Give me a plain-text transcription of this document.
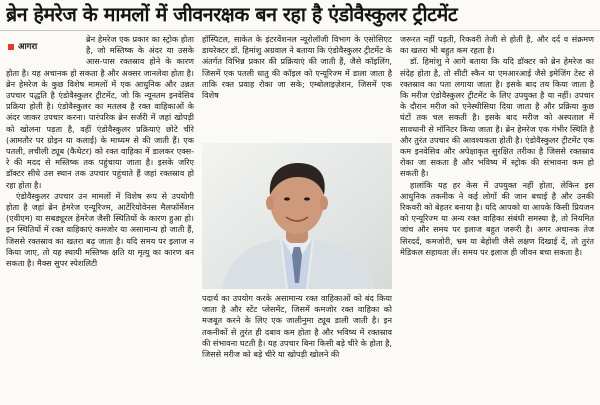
ब्रेन हेमरेज के मामलों में जीवनरक्षक बन रहा है एंडोवैस्कुलर ट्रीटमेंट
आगरा

ब्रेन हेमरेज एक प्रकार का स्ट्रोक होता है, जो मस्तिष्क के अंदर या उसके आस-पास रक्तस्राव होने के कारण होता है। यह अचानक हो सकता है और अक्सर जानलेवा होता है। ब्रेन हेमरेज के कुछ विशेष मामलों में एक आधुनिक और उन्नत उपचार पद्धति है एंडोवैस्कुलर ट्रीटमेंट, जो कि न्यूनतम इनवेसिव प्रक्रिया होती है। एंडोवैस्कुलर का मतलब है रक्त वाहिकाओं के अंदर जाकर उपचार करना। पारंपरिक ब्रेन सर्जरी में जहां खोपड़ी को खोलना पड़ता है, वहीं एंडोवैस्कुलर प्रक्रियाएं छोटे चीरे (आमतौर पर ग्रोइन या कलाई) के माध्यम से की जाती हैं। एक पतली, लचीली ट्यूब (कैथेटर) को रक्त वाहिका में डालकर एक्स-रे की मदद से मस्तिष्क तक पहुंचाया जाता है। इसके जरिए डॉक्टर सीधे उस स्थान तक उपचार पहुंचाते हैं जहां रक्तस्राव हो रहा होता है।

एंडोवैस्कुलर उपचार उन मामलों में विशेष रूप से उपयोगी होता है जहां ब्रेन हेमरेज एन्यूरिज्म, आर्टेरियोवेनस मैलफॉर्मेशन (एवीएम) या सबड्यूरल हेमरेज जैसी स्थितियों के कारण हुआ हो। इन स्थितियों में रक्त वाहिकाएं कमजोर या असामान्य हो जाती हैं, जिससे रक्तस्राव का खतरा बढ़ जाता है। यदि समय पर इलाज न किया जाए, तो यह स्थायी मस्तिष्क क्षति या मृत्यु का कारण बन सकता है। मैक्स सुपर स्पेशलिटी

हॉस्पिटल, साकेत के इंटरवेंशनल न्यूरोलॉजी विभाग के एसोसिएट डायरेक्टर डॉ. हिमांशु अग्रवाल ने बताया कि एंडोवैस्कुलर ट्रीटमेंट के अंतर्गत विभिन्न प्रकार की प्रक्रियाएं की जाती हैं, जैसे कॉइलिंग, जिसमें एक पतली धातु की कॉइल को एन्यूरिज्म में डाला जाता है ताकि रक्त प्रवाह रोका जा सके; एम्बोलाइज़ेशन, जिसमें एक विशेष

पदार्थ का उपयोग करके असामान्य रक्त वाहिकाओं को बंद किया जाता है और स्टेंट प्लेसमेंट, जिसमें कमजोर रक्त वाहिका को मजबूत करने के लिए एक जालीनुमा ट्यूब डाली जाती है। इन तकनीकों से तुरंत ही दबाव कम होता है और भविष्य में रक्तस्राव की संभावना घटती है। यह उपचार बिना किसी बड़े चीरे के होता है, जिससे मरीज को बड़े चीरे या खोपड़ी खोलने की

जरूरत नहीं पड़ती, रिकवरी तेजी से होती है, और दर्द व संक्रमण का खतरा भी बहुत कम रहता है।

डॉ. हिमांशु ने आगे बताया कि यदि डॉक्टर को ब्रेन हेमरेज का संदेह होता है, तो सीटी स्कैन या एमआरआई जैसे इमेजिंग टेस्ट से रक्तस्राव का पता लगाया जाता है। इसके बाद तय किया जाता है कि मरीज एंडोवैस्कुलर ट्रीटमेंट के लिए उपयुक्त है या नहीं। उपचार के दौरान मरीज को एनेस्थीसिया दिया जाता है और प्रक्रिया कुछ घंटों तक चल सकती है। इसके बाद मरीज को अस्पताल में सावधानी से मॉनिटर किया जाता है। ब्रेन हेमरेज एक गंभीर स्थिति है और तुरंत उपचार की आवश्यकता होती है। एंडोवैस्कुलर ट्रीटमेंट एक कम इनवेसिव और अपेक्षाकृत सुरक्षित तरीका है जिससे रक्तस्राव रोका जा सकता है और भविष्य में स्ट्रोक की संभावना कम हो सकती है।

हालांकि यह हर केस में उपयुक्त नहीं होता, लेकिन इस आधुनिक तकनीक ने कई लोगों की जान बचाई है और उनकी रिकवरी को बेहतर बनाया है। यदि आपको या आपके किसी प्रियजन को एन्यूरिज्म या अन्य रक्त वाहिका संबंधी समस्या है, तो नियमित जांच और समय पर इलाज बहुत जरूरी है। अगर अचानक तेज सिरदर्द, कमजोरी, भ्रम या बेहोशी जैसे लक्षण दिखाई दें, तो तुरंत मेडिकल सहायता लें। समय पर इलाज ही जीवन बचा सकता है।
